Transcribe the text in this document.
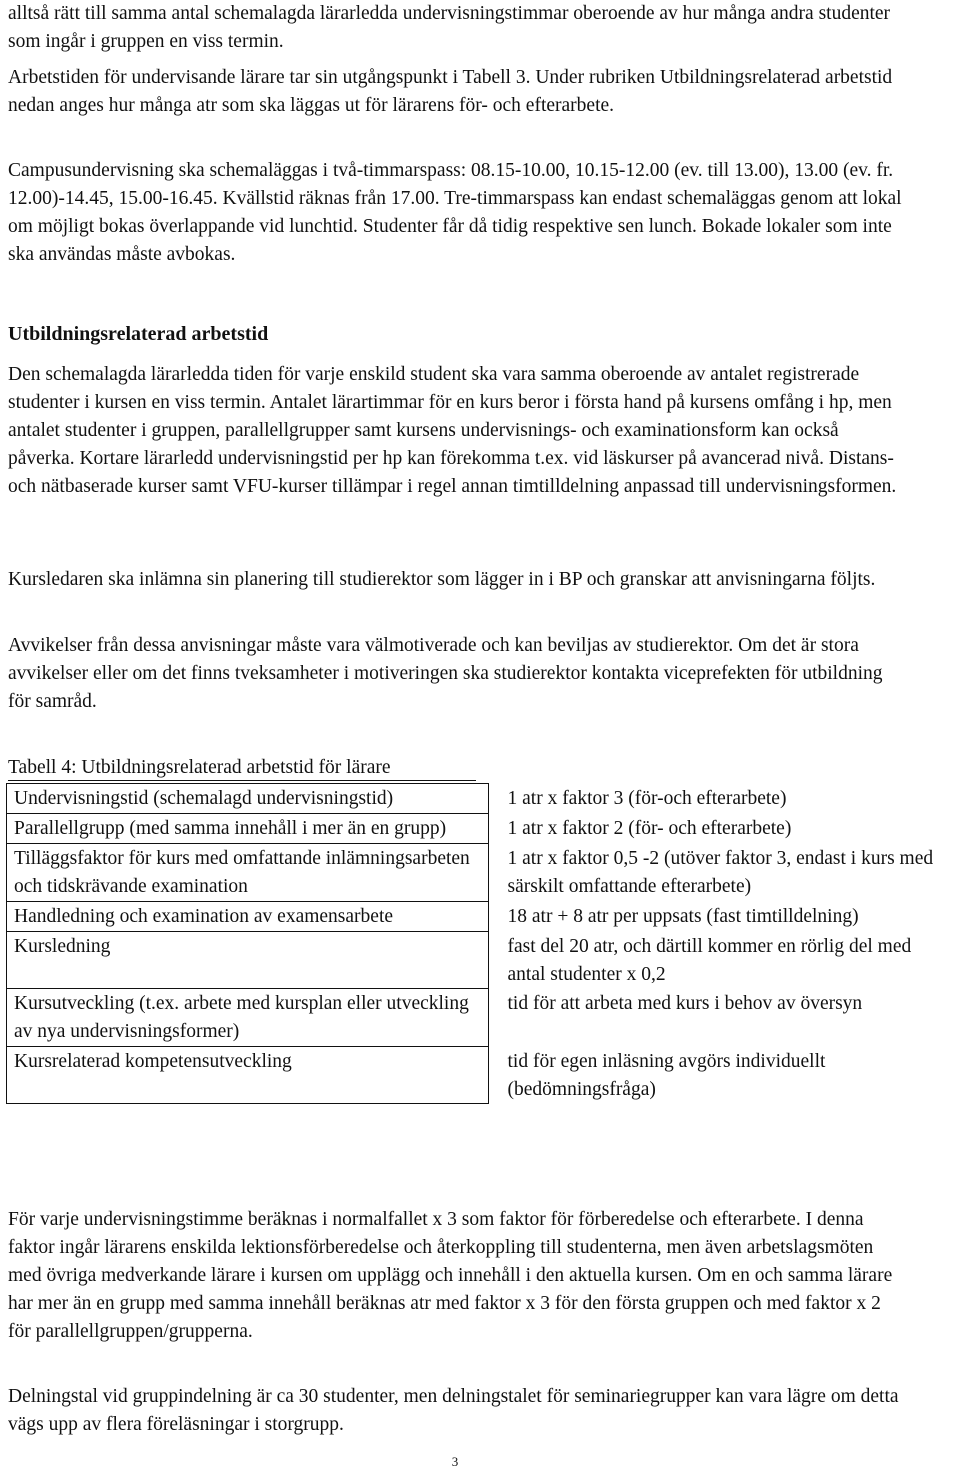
alltså rätt till samma antal schemalagda lärarledda undervisningstimmar oberoende av hur många andra studenter som ingår i gruppen en viss termin.

Arbetstiden för undervisande lärare tar sin utgångspunkt i Tabell 3. Under rubriken Utbildningsrelaterad arbetstid nedan anges hur många atr som ska läggas ut för lärarens för- och efterarbete.

Campusundervisning ska schemaläggas i två-timmarspass: 08.15-10.00, 10.15-12.00 (ev. till 13.00), 13.00 (ev. fr. 12.00)-14.45, 15.00-16.45. Kvällstid räknas från 17.00. Tre-timmarspass kan endast schemaläggas genom att lokal om möjligt bokas överlappande vid lunchtid. Studenter får då tidig respektive sen lunch. Bokade lokaler som inte ska användas måste avbokas.

Utbildningsrelaterad arbetstid

Den schemalagda lärarledda tiden för varje enskild student ska vara samma oberoende av antalet registrerade studenter i kursen en viss termin. Antalet lärartimmar för en kurs beror i första hand på kursens omfång i hp, men antalet studenter i gruppen, parallellgrupper samt kursens undervisnings- och examinationsform kan också påverka. Kortare lärarledd undervisningstid per hp kan förekomma t.ex. vid läskurser på avancerad nivå. Distans- och nätbaserade kurser samt VFU-kurser tillämpar i regel annan timtilldelning anpassad till undervisningsformen.

Kursledaren ska inlämna sin planering till studierektor som lägger in i BP och granskar att anvisningarna följts.

Avvikelser från dessa anvisningar måste vara välmotiverade och kan beviljas av studierektor. Om det är stora avvikelser eller om det finns tveksamheter i motiveringen ska studierektor kontakta viceprefekten för utbildning för samråd.

Tabell 4: Utbildningsrelaterad arbetstid för lärare

Undervisningstid (schemalagd undervisningstid)		1 atr x faktor 3 (för-och efterarbete)
Parallellgrupp (med samma innehåll i mer än en grupp)		1 atr x faktor 2 (för- och efterarbete)
Tilläggsfaktor för kurs med omfattande inlämningsarbeten och tidskrävande examination		1 atr x faktor 0,5 -2 (utöver faktor 3, endast i kurs med särskilt omfattande efterarbete)
Handledning och examination av examensarbete		18 atr + 8 atr per uppsats (fast timtilldelning)
Kursledning		fast del 20 atr, och därtill kommer en rörlig del med antal studenter x 0,2
Kursutveckling (t.ex. arbete med kursplan eller utveckling av nya undervisningsformer)		tid för att arbeta med kurs i behov av översyn
Kursrelaterad kompetensutveckling		tid för egen inläsning avgörs individuellt (bedömningsfråga)

För varje undervisningstimme beräknas i normalfallet x 3 som faktor för förberedelse och efterarbete. I denna faktor ingår lärarens enskilda lektionsförberedelse och återkoppling till studenterna, men även arbetslagsmöten med övriga medverkande lärare i kursen om upplägg och innehåll i den aktuella kursen. Om en och samma lärare har mer än en grupp med samma innehåll beräknas atr med faktor x 3 för den första gruppen och med faktor x 2 för parallellgruppen/grupperna.

Delningstal vid gruppindelning är ca 30 studenter, men delningstalet för seminariegrupper kan vara lägre om detta vägs upp av flera föreläsningar i storgrupp.

3
